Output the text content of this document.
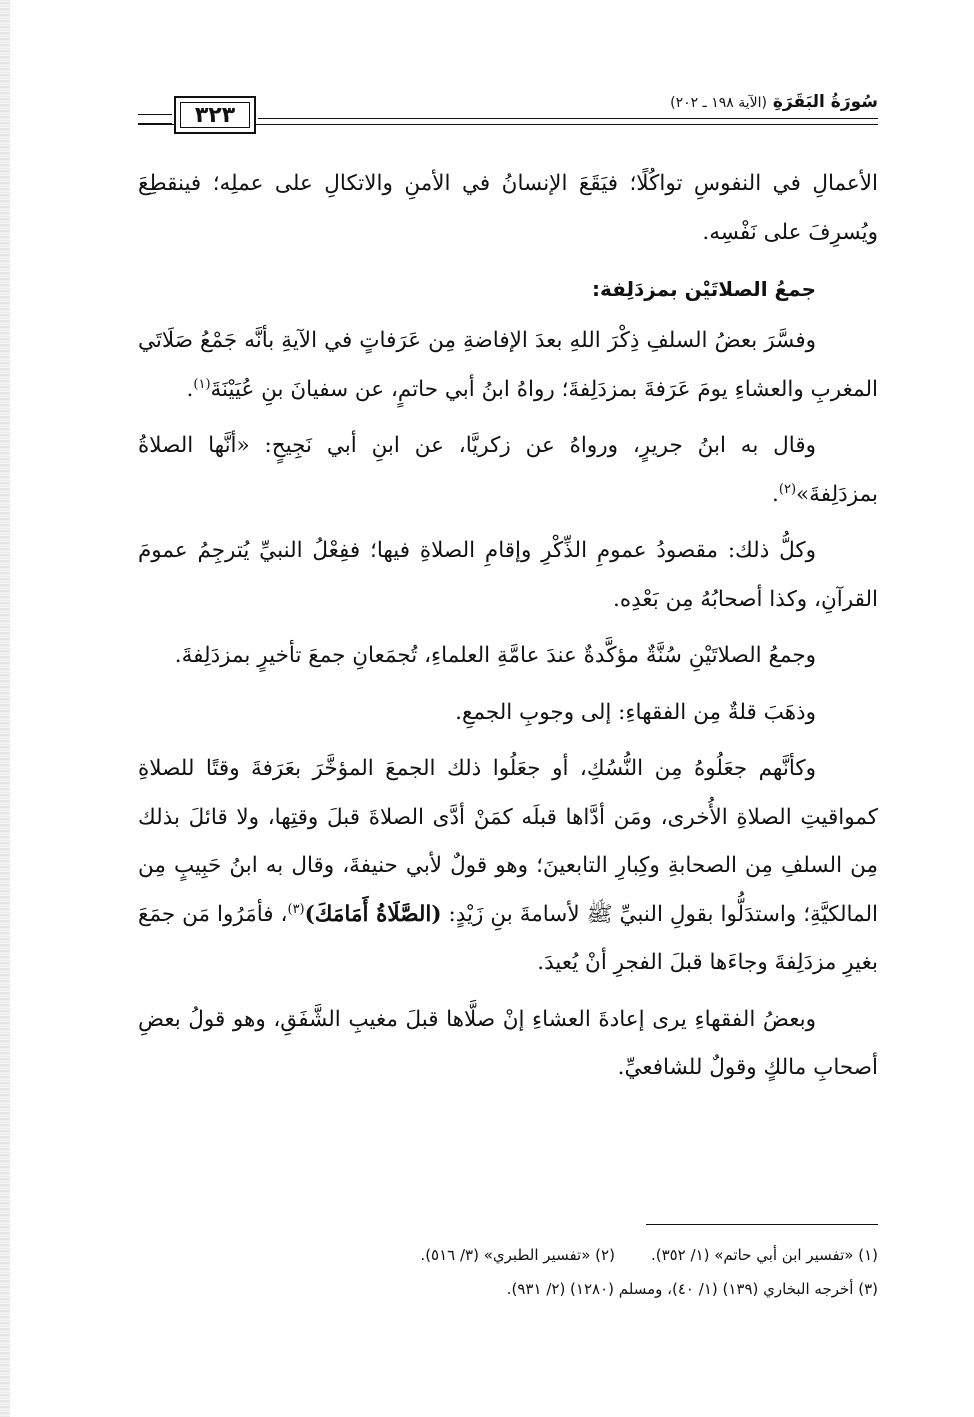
٣٢٣
سُورَةُ البَقَرَةِ (الآية ١٩٨ ـ ٢٠٢)

الأعمالِ في النفوسِ تواكُلًا؛ فيَقَعَ الإنسانُ في الأمنِ والاتكالِ على عملِه؛ فينقطِعَ ويُسرِفَ على نَفْسِه.

جمعُ الصلاتَيْن بمزدَلِفة:

وفسَّرَ بعضُ السلفِ ذِكْرَ اللهِ بعدَ الإفاضةِ مِن عَرَفاتٍ في الآيةِ بأنَّه جَمْعُ صَلَاتَي المغربِ والعشاءِ يومَ عَرَفةَ بمزدَلِفةَ؛ رواهُ ابنُ أبي حاتمٍ، عن سفيانَ بنِ عُيَيْنَةَ$^{(١)}$.

وقال به ابنُ جريرٍ، ورواهُ عن زكريَّا، عن ابنِ أبي نَجِيحٍ: «أنَّها الصلاةُ بمزدَلِفةَ»$^{(٢)}$.

وكلُّ ذلك: مقصودُ عمومِ الذِّكْرِ وإقامِ الصلاةِ فيها؛ ففِعْلُ النبيِّ يُترجِمُ عمومَ القرآنِ، وكذا أصحابُهُ مِن بَعْدِه.

وجمعُ الصلاتَيْنِ سُنَّةٌ مؤكَّدةٌ عندَ عامَّةِ العلماءِ، تُجمَعانِ جمعَ تأخيرٍ بمزدَلِفةَ.

وذهَبَ قلةٌ مِن الفقهاءِ: إلى وجوبِ الجمعِ.

وكأنَّهم جعَلُوهُ مِن النُّسُكِ، أو جعَلُوا ذلك الجمعَ المؤخَّرَ بعَرَفةَ وقتًا للصلاةِ كمواقيتِ الصلاةِ الأُخرى، ومَن أدَّاها قبلَه كمَنْ أدَّى الصلاةَ قبلَ وقتِها، ولا قائلَ بذلك مِن السلفِ مِن الصحابةِ وكِبارِ التابعينَ؛ وهو قولٌ لأبي حنيفةَ، وقال به ابنُ حَبِيبٍ مِن المالكيَّةِ؛ واستدَلُّوا بقولِ النبيِّ ﷺ لأسامةَ بنِ زَيْدٍ: (الصَّلَاةُ أَمَامَكَ)$^{(٣)}$، فأمَرُوا مَن جمَعَ بغيرِ مزدَلِفةَ وجاءَها قبلَ الفجرِ أنْ يُعيدَ.

وبعضُ الفقهاءِ يرى إعادةَ العشاءِ إنْ صلَّاها قبلَ مغيبِ الشَّفَقِ، وهو قولُ بعضِ أصحابِ مالكٍ وقولٌ للشافعيِّ.

(١) «تفسير ابن أبي حاتم» (١/ ٣٥٢).
(٢) «تفسير الطبري» (٣/ ٥١٦).
(٣) أخرجه البخاري (١٣٩) (١/ ٤٠)، ومسلم (١٢٨٠) (٢/ ٩٣١).
